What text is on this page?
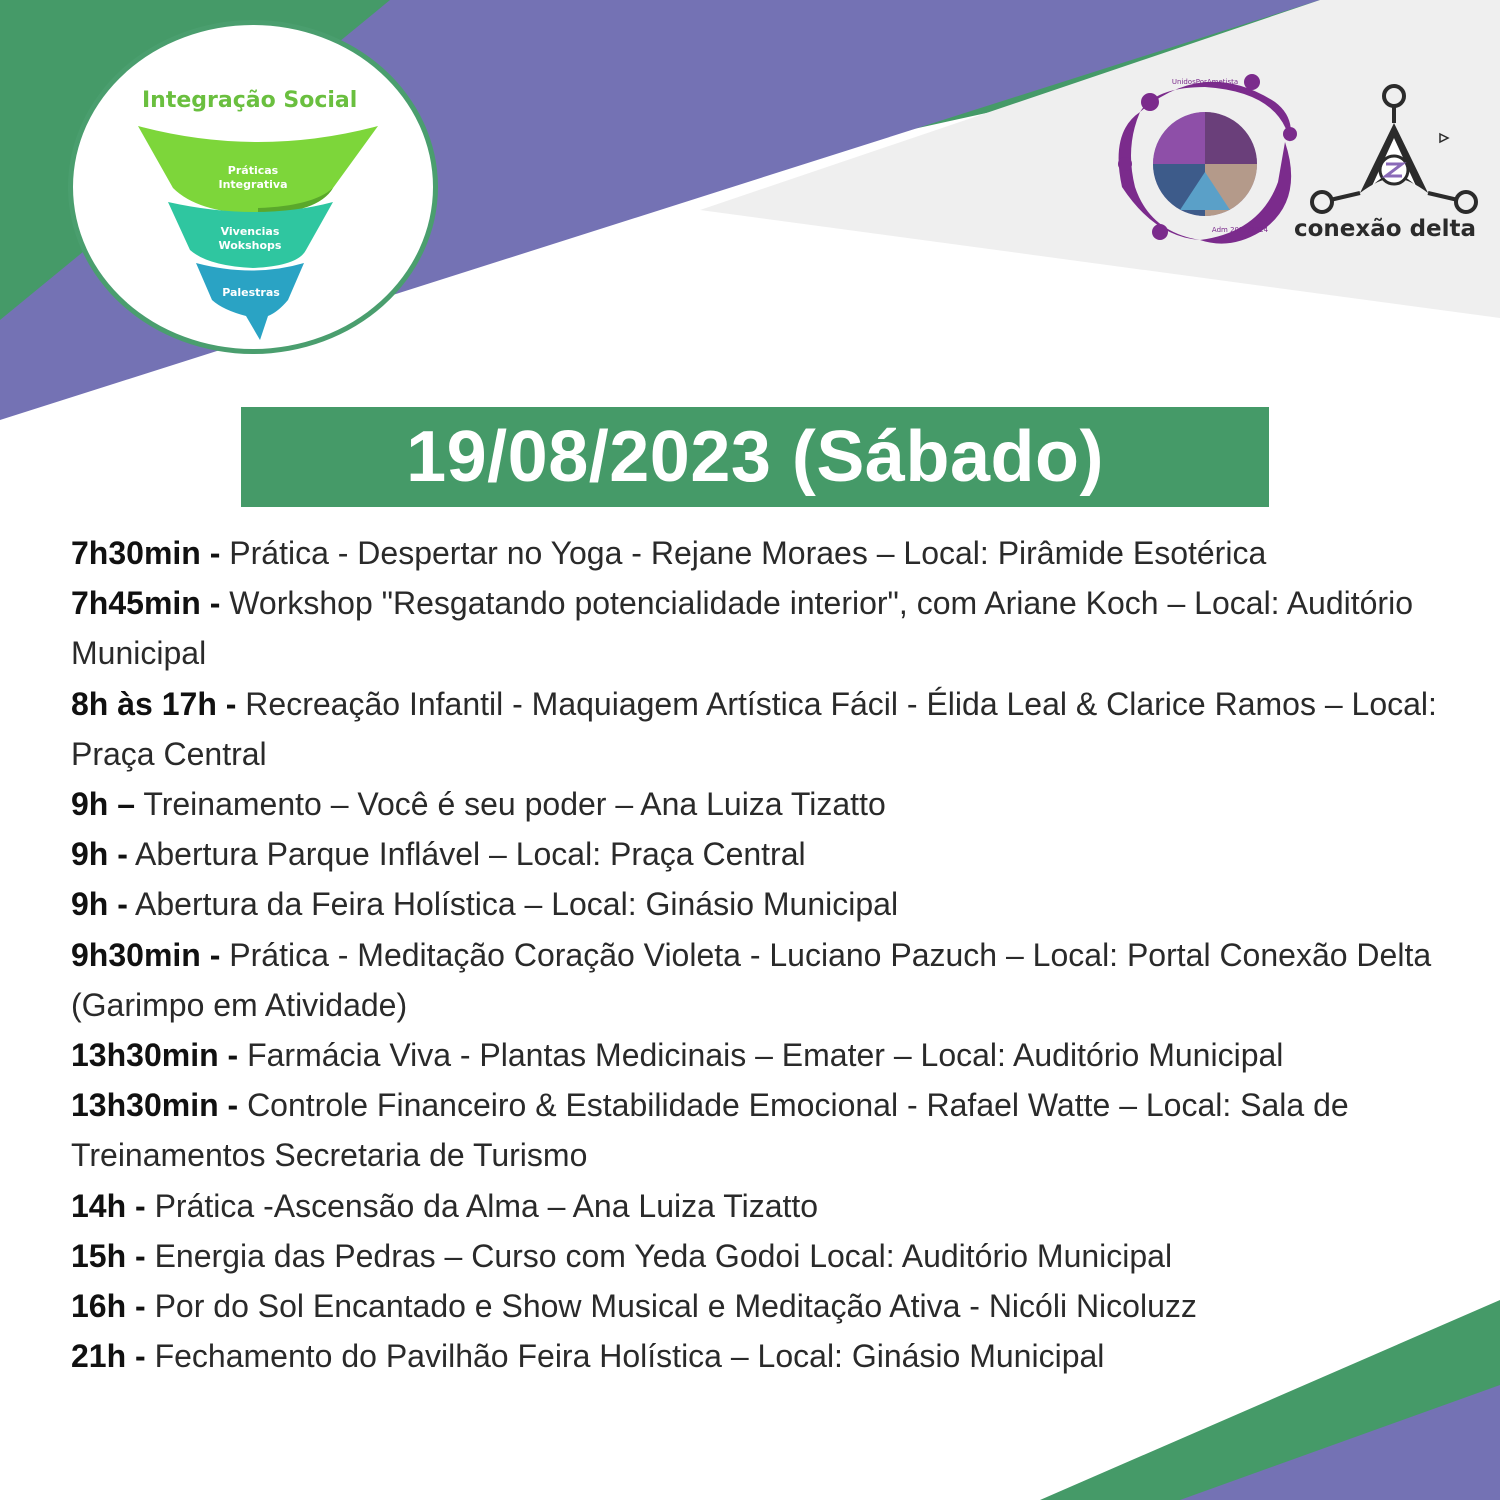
Integração Social
Práticas
Integrativa
Vivencias
Wokshops
Palestras
UnidosPorAmetista
Adm 2021/2024 conexão delta
19/08/2023 (Sábado)

7h30min - Prática - Despertar no Yoga - Rejane Moraes – Local: Pirâmide Esotérica

7h45min - Workshop "Resgatando potencialidade interior", com Ariane Koch – Local: Auditório Municipal

8h às 17h - Recreação Infantil - Maquiagem Artística Fácil - Élida Leal & Clarice Ramos – Local: Praça Central

9h – Treinamento – Você é seu poder – Ana Luiza Tizatto

9h - Abertura Parque Inflável – Local: Praça Central

9h - Abertura da Feira Holística – Local: Ginásio Municipal

9h30min - Prática - Meditação Coração Violeta - Luciano Pazuch – Local: Portal Conexão Delta (Garimpo em Atividade)

13h30min - Farmácia Viva - Plantas Medicinais – Emater – Local: Auditório Municipal

13h30min - Controle Financeiro & Estabilidade Emocional - Rafael Watte – Local: Sala de Treinamentos Secretaria de Turismo

14h - Prática -Ascensão da Alma – Ana Luiza Tizatto

15h - Energia das Pedras – Curso com Yeda Godoi Local: Auditório Municipal

16h - Por do Sol Encantado e Show Musical e Meditação Ativa - Nicóli Nicoluzz

21h - Fechamento do Pavilhão Feira Holística – Local: Ginásio Municipal
